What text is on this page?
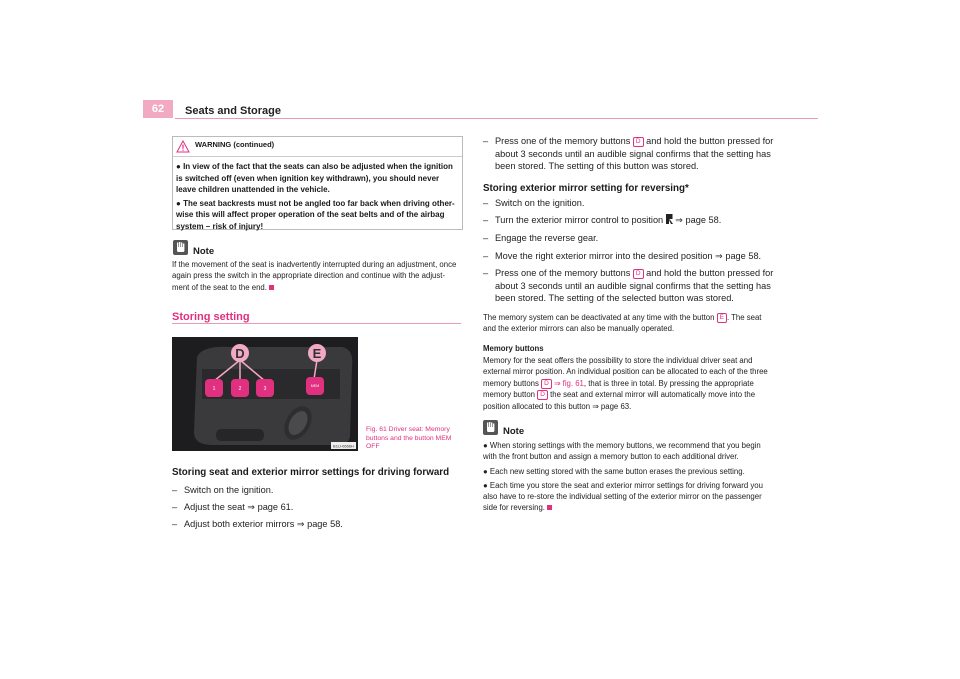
62	Seats and Storage
WARNING (continued)

● In view of the fact that the seats can also be adjusted when the ignition is switched off (even when ignition key withdrawn), you should never leave children unattended in the vehicle.

● The seat backrests must not be angled too far back when driving other-wise this will affect proper operation of the seat belts and of the airbag system – risk of injury!

Note
If the movement of the seat is inadvertently interrupted during an adjustment, once again press the switch in the appropriate direction and continue with the adjust-ment of the seat to the end.
Storing setting
D	E
1	2	3	MEM
B1U-0666H
Fig. 61 Driver seat: Memory buttons and the button MEM OFF
Storing seat and exterior mirror settings for driving forward
– Switch on the ignition.
– Adjust the seat ⇒ page 61.
– Adjust both exterior mirrors ⇒ page 58.
– Press one of the memory buttons D and hold the button pressed for
about 3 seconds until an audible signal confirms that the setting has
been stored. The setting of this button was stored.
Storing exterior mirror setting for reversing*
– Switch on the ignition.
– Turn the exterior mirror control to position ⇒ page 58.
– Engage the reverse gear.
– Move the right exterior mirror into the desired position ⇒ page 58.
– Press one of the memory buttons D and hold the button pressed for
about 3 seconds until an audible signal confirms that the setting has
been stored. The setting of the selected button was stored.
The memory system can be deactivated at any time with the button E . The seat
and the exterior mirrors can also be manually operated.
Memory buttons
Memory for the seat offers the possibility to store the individual driver seat and
external mirror position. An individual position can be allocated to each of the three
memory buttons D ⇒ fig. 61, that is three in total. By pressing the appropriate
memory button D the seat and external mirror will automatically move into the
position allocated to this button ⇒ page 63.
Note
● When storing settings with the memory buttons, we recommend that you begin
with the front button and assign a memory button to each additional driver.
● Each new setting stored with the same button erases the previous setting.
● Each time you store the seat and exterior mirror settings for driving forward you
also have to re-store the individual setting of the exterior mirror on the passenger
side for reversing.
